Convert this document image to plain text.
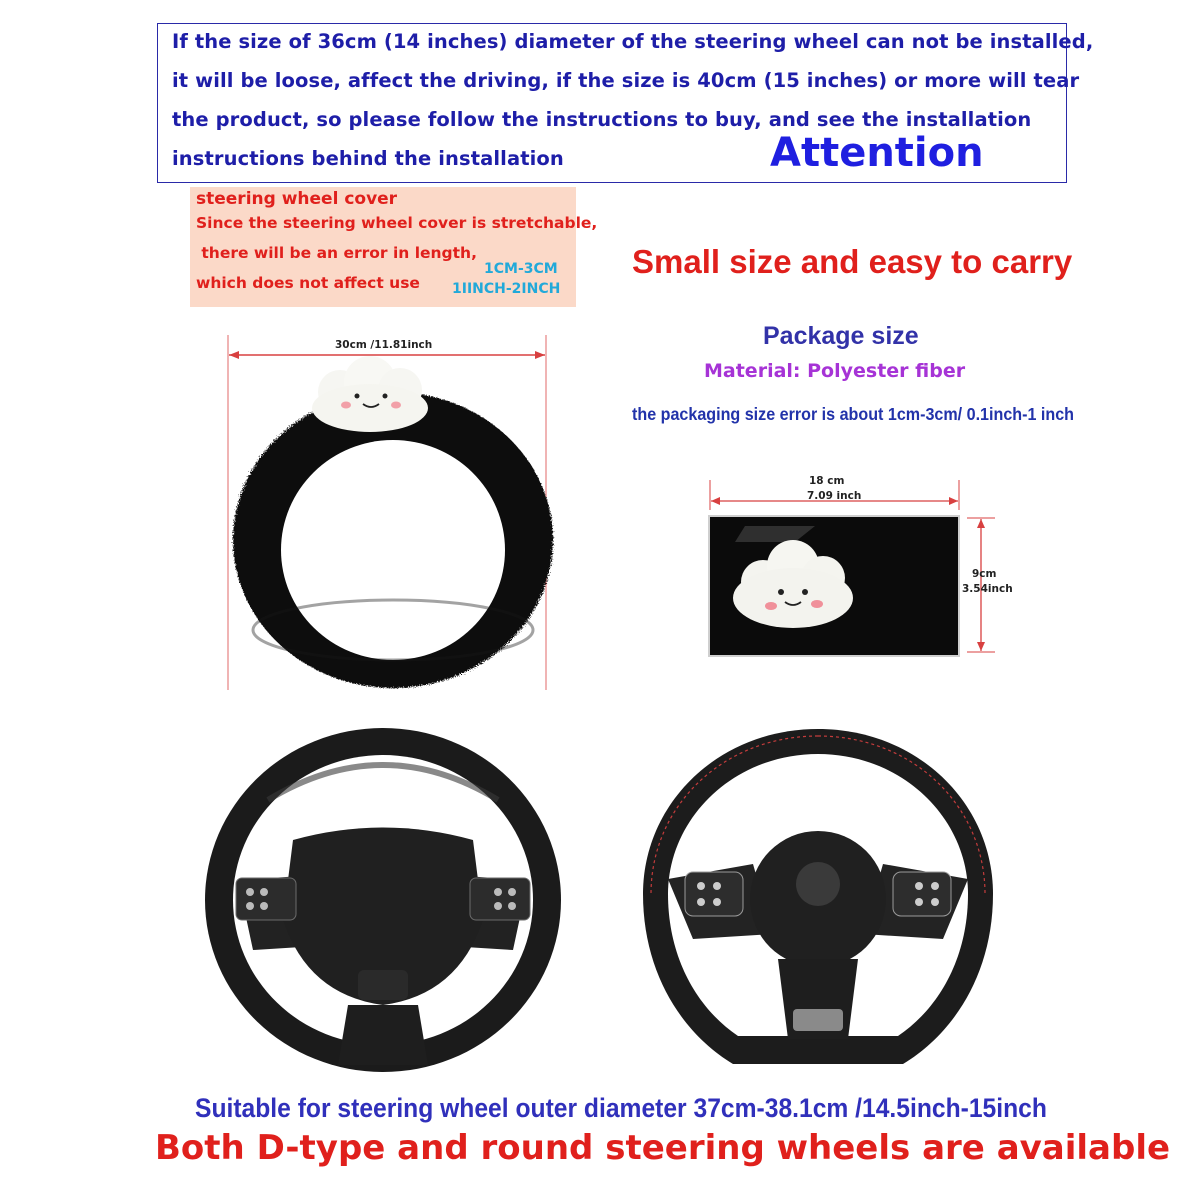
If the size of 36cm (14 inches) diameter of the steering wheel can not be installed,
it will be loose, affect the driving, if the size is 40cm (15 inches) or more will tear
the product, so please follow the instructions to buy, and see the installation
instructions behind the installation	Attention
steering wheel cover
Since the steering wheel cover is stretchable,
there will be an error in length,
which does not affect use
1CM-3CM
1IINCH-2INCH
Small size and easy to carry
Package size
Material: Polyester fiber
the packaging size error is about 1cm-3cm/ 0.1inch-1 inch
30cm /11.81inch
18 cm
7.09 inch
9cm
3.54inch
Suitable for steering wheel outer diameter 37cm-38.1cm /14.5inch-15inch
Both D-type and round steering wheels are available
